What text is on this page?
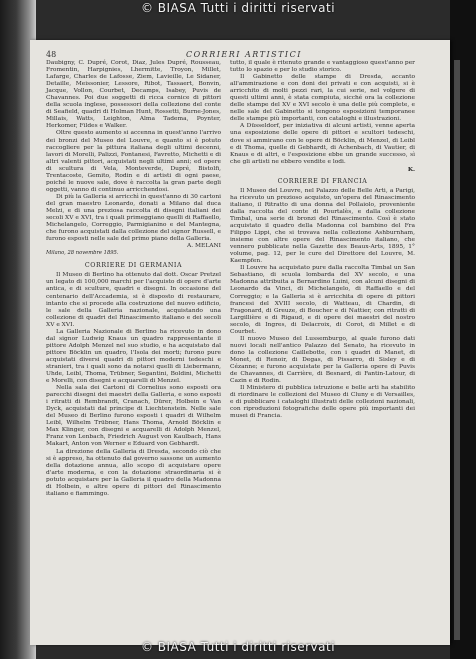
© BIASA Tutti i diritti riservati
48	CORRIERI ARTISTICI

Daubigny, C. Dupré, Corot, Diaz, Jules Dupré, Rousseau, Fromentin, Harpignies, Lhermitte, Troyon, Millet, Lafarge, Charles de Lafosse, Ziem, Lavieille, Le Sidaner, Detaille, Meissonier, Lessore, Ribot, Tassaert, Bonvin, Jacque, Vollon, Courbet, Decamps, Isabey, Puvis de Chavannes. Poi due soggetti di ricca cornice di pittori della scuola inglese, possessori della collezione del conte di Seafield, quadri di Holman Hunt, Rossetti, Burne-Jones, Millais, Watts, Leighton, Alma Tadema, Poynter, Herkomer, Fildes e Walker.

Oltre questo aumento si accenna in quest'anno l'arrivo dei bronzi del Museo del Louvre, e quanto si è potuto raccogliere per la pittura italiana degli ultimi decenni, lavori di Morelli, Palizzi, Fontanesi, Favretto, Michetti e di altri valenti pittori, acquistati negli ultimi anni; ed opere di scultura di Vela, Monteverde, Dupré, Bistolfi, Trentacoste, Gemito, Rodin e di artisti di ogni paese, poiché le nuove sale, dove è raccolta la gran parte degli oggetti, vanno di continuo arricchendosi.

Di più la Galleria si arricchì in quest'anno di 30 cartoni del gran maestro Leonardo, donati a Milano dal duca Melzi, e di una preziosa raccolta di disegni italiani dei secoli XV e XVI, tra i quali primeggiano quelli di Raffaello, Michelangelo, Correggio, Parmigianino e del Mantegna, che furono acquistati dalla collezione del signor Russell, e furono esposti nelle sale del primo piano della Galleria.

A. MELANI

Milano, 28 novembre 1895.

CORRIERE DI GERMANIA

Il Museo di Berlino ha ottenuto dal dott. Oscar Pretzel un legato di 100,000 marchi per l'acquisto di opere d'arte antica, e di sculture, quadri e disegni. In occasione del centenario dell'Accademia, si è disposto di restaurare, intanto che si procede alla costruzione del nuovo edificio, le sale della Galleria nazionale, acquistando una collezione di quadri del Rinascimento italiano e dei secoli XV e XVI.

La Galleria Nazionale di Berlino ha ricevuto in dono dal signor Ludwig Knaus un quadro rappresentante il pittore Adolph Menzel nel suo studio, e ha acquistato dal pittore Böcklin un quadro, l'Isola dei morti; furono pure acquistati diversi quadri di pittori moderni tedeschi e stranieri, tra i quali sono da notarsi quelli di Liebermann, Uhde, Leibl, Thoma, Trübner, Segantini, Boldini, Michetti e Morelli, con disegni e acquarelli di Menzel.

Nella sala dei Cartoni di Cornelius sono esposti ora parecchi disegni dei maestri della Galleria, e sono esposti i ritratti di Rembrandt, Cranach, Dürer, Holbein e Van Dyck, acquistati dal principe di Liechtenstein. Nelle sale del Museo di Berlino furono esposti i quadri di Wilhelm Leibl, Wilhelm Trübner, Hans Thoma, Arnold Böcklin e Max Klinger, con disegni e acquarelli di Adolph Menzel, Franz von Lenbach, Friedrich August von Kaulbach, Hans Makart, Anton von Werner e Eduard von Gebhardt.

La direzione della Galleria di Dresda, secondo ciò che si è appreso, ha ottenuto dal governo sassone un aumento della dotazione annua, allo scopo di acquistare opere d'arte moderna, e con la dotazione straordinaria si è potuto acquistare per la Galleria il quadro della Madonna di Holbein, e altre opere di pittori del Rinascimento italiano e fiammingo.

tutto, il quale è ritenuto grande e vantaggioso quest'anno per tutto lo spazio e per lo studio storico.

Il Gabinetto delle stampe di Dresda, accanto all'ammirazione e con doni dei privati e con acquisti, si è arricchito di molti pezzi rari, la cui serie, nel volgere di questi ultimi anni, è stata compiuta, sicché ora la collezione delle stampe del XV e XVI secolo è una delle più complete, e nelle sale del Gabinetto si tengono esposizioni temporanee delle stampe più importanti, con cataloghi e illustrazioni.

A Düsseldorf, per iniziativa di alcuni artisti, venne aperta una esposizione delle opere di pittori e scultori tedeschi, dove si ammirano con le opere di Böcklin, di Menzel, di Leibl e di Thoma, quelle di Gebhardt, di Achenbach, di Vautier, di Knaus e di altri, e l'esposizione ebbe un grande successo, sì che gli artisti ne ebbero vendite e lodi.

K.

CORRIERE DI FRANCIA

Il Museo del Louvre, nel Palazzo delle Belle Arti, a Parigi, ha ricevuto un prezioso acquisto, un'opera del Rinascimento italiano, il Ritratto di una donna del Pollaiolo, proveniente dalla raccolta del conte di Pourtalès, e dalla collezione Timbal, una serie di bronzi del Rinascimento. Così è stato acquistato il quadro della Madonna col bambino del Fra Filippo Lippi, che si trovava nella collezione Ashburnham, insieme con altre opere del Rinascimento italiano, che vennero pubblicate nella Gazette des Beaux-Arts, 1895, 1° volume, pag. 12, per le cure del Direttore del Louvre, M. Kaempfen.

Il Louvre ha acquistato pure dalla raccolta Timbal un San Sebastiano, di scuola lombarda del XV secolo, e una Madonna attribuita a Bernardino Luini, con alcuni disegni di Leonardo da Vinci, di Michelangelo, di Raffaello e del Correggio; e la Galleria si è arricchita di opere di pittori francesi del XVIII secolo, di Watteau, di Chardin, di Fragonard, di Greuze, di Boucher e di Nattier, con ritratti di Largillière e di Rigaud, e di opere dei maestri del nostro secolo, di Ingres, di Delacroix, di Corot, di Millet e di Courbet.

Il nuovo Museo del Lussemburgo, al quale furono dati nuovi locali nell'antico Palazzo del Senato, ha ricevuto in dono la collezione Caillebotte, con i quadri di Manet, di Monet, di Renoir, di Degas, di Pissarro, di Sisley e di Cézanne; e furono acquistate per la Galleria opere di Puvis de Chavannes, di Carrière, di Besnard, di Fantin-Latour, di Cazin e di Rodin.

Il Ministero di pubblica istruzione e belle arti ha stabilito di riordinare le collezioni del Museo di Cluny e di Versailles, e di pubblicare i cataloghi illustrati delle collezioni nazionali, con riproduzioni fotografiche delle opere più importanti dei musei di Francia.

© BIASA Tutti i diritti riservati
